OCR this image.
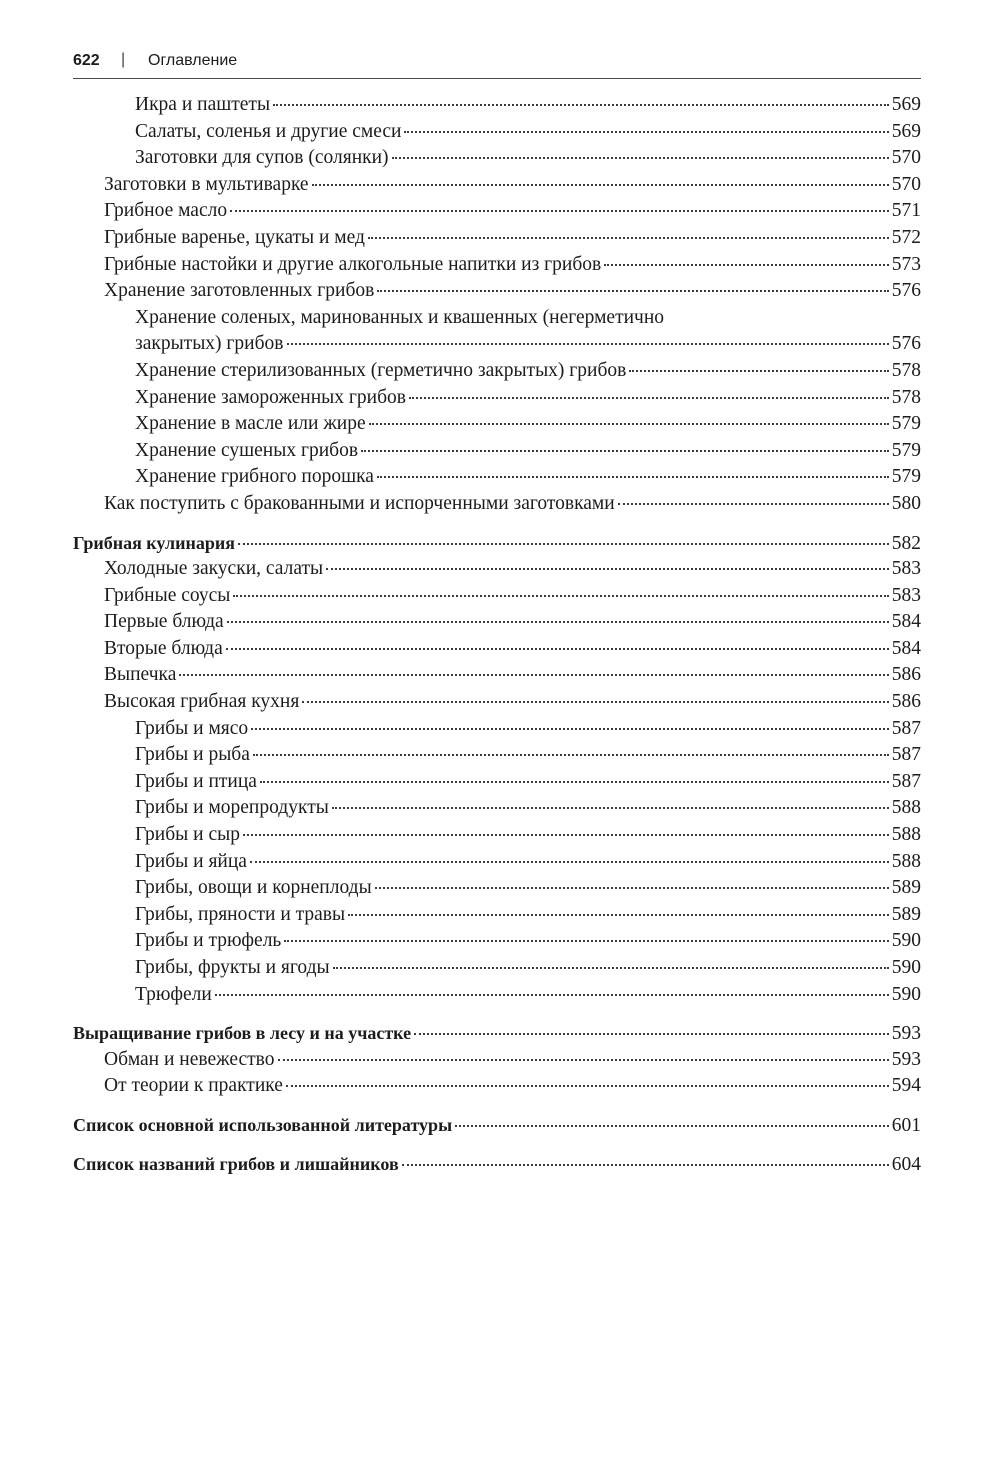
622 | Оглавление
Икра и паштеты	569
Салаты, соленья и другие смеси	569
Заготовки для супов (солянки)	570
Заготовки в мультиварке	570
Грибное масло	571
Грибные варенье, цукаты и мед	572
Грибные настойки и другие алкогольные напитки из грибов	573
Хранение заготовленных грибов	576
Хранение соленых, маринованных и квашенных (негерметично
закрытых) грибов	576
Хранение стерилизованных (герметично закрытых) грибов	578
Хранение замороженных грибов	578
Хранение в масле или жире	579
Хранение сушеных грибов	579
Хранение грибного порошка	579
Как поступить с бракованными и испорченными заготовками	580
Грибная кулинария	582
Холодные закуски, салаты	583
Грибные соусы	583
Первые блюда	584
Вторые блюда	584
Выпечка	586
Высокая грибная кухня	586
Грибы и мясо	587
Грибы и рыба	587
Грибы и птица	587
Грибы и морепродукты	588
Грибы и сыр	588
Грибы и яйца	588
Грибы, овощи и корнеплоды	589
Грибы, пряности и травы	589
Грибы и трюфель	590
Грибы, фрукты и ягоды	590
Трюфели	590
Выращивание грибов в лесу и на участке	593
Обман и невежество	593
От теории к практике	594
Список основной использованной литературы	601
Список названий грибов и лишайников	604
